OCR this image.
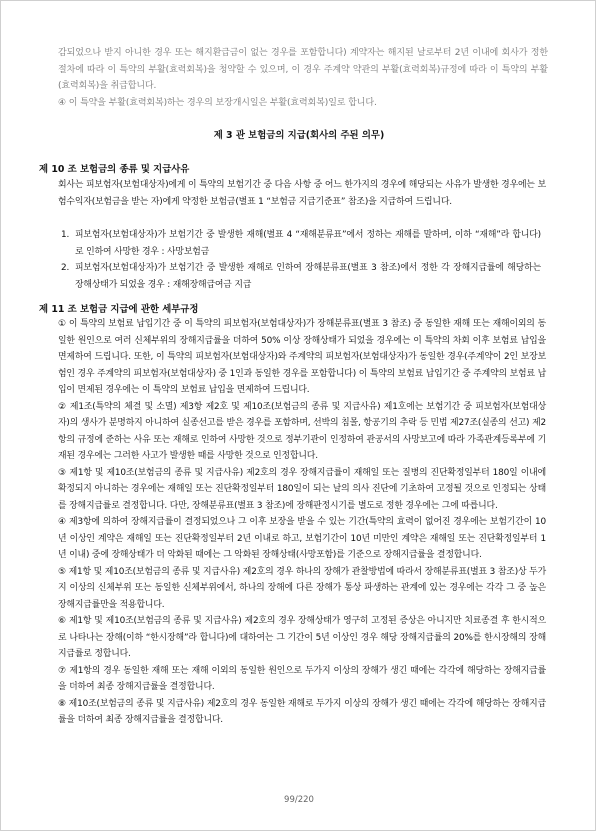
감되었으나 받지 아니한 경우 또는 해지환급금이 없는 경우를 포함합니다) 계약자는 해지된 날로부터 2년 이내에 회사가 정한 절차에 따라 이 특약의 부활(효력회복)을 청약할 수 있으며, 이 경우 주계약 약관의 부활(효력회복)규정에 따라 이 특약의 부활(효력회복)을 취급합니다.

④ 이 특약을 부활(효력회복)하는 경우의 보장개시일은 부활(효력회복)일로 합니다.

제 3 관 보험금의 지급(회사의 주된 의무)
제 10 조 보험금의 종류 및 지급사유

회사는 피보험자(보험대상자)에게 이 특약의 보험기간 중 다음 사항 중 어느 한가지의 경우에 해당되는 사유가 발생한 경우에는 보험수익자(보험금을 받는 자)에게 약정한 보험금(별표 1 “보험금 지급기준표” 참조)을 지급하여 드립니다.

1. 피보험자(보험대상자)가 보험기간 중 발생한 재해(별표 4 “재해분류표”에서 정하는 재해를 말하며, 이하 “재해”라 합니다)로 인하여 사망한 경우 : 사망보험금
2. 피보험자(보험대상자)가 보험기간 중 발생한 재해로 인하여 장해분류표(별표 3 참조)에서 정한 각 장해지급률에 해당하는 장해상태가 되었을 경우 : 재해장해급여금 지급
제 11 조 보험금 지급에 관한 세부규정

① 이 특약의 보험료 납입기간 중 이 특약의 피보험자(보험대상자)가 장해분류표(별표 3 참조) 중 동일한 재해 또는 재해이외의 동일한 원인으로 여러 신체부위의 장해지급률을 더하여 50% 이상 장해상태가 되었을 경우에는 이 특약의 차회 이후 보험료 납입을 면제하여 드립니다. 또한, 이 특약의 피보험자(보험대상자)와 주계약의 피보험자(보험대상자)가 동일한 경우(주계약이 2인 보장보험인 경우 주계약의 피보험자(보험대상자) 중 1인과 동일한 경우를 포함합니다) 이 특약의 보험료 납입기간 중 주계약의 보험료 납입이 면제된 경우에는 이 특약의 보험료 납입을 면제하여 드립니다.

② 제1조(특약의 체결 및 소멸) 제3항 제2호 및 제10조(보험금의 종류 및 지급사유) 제1호에는 보험기간 중 피보험자(보험대상자)의 생사가 분명하지 아니하여 실종선고를 받은 경우를 포함하며, 선박의 침몰, 항공기의 추락 등 민법 제27조(실종의 선고) 제2항의 규정에 준하는 사유 또는 재해로 인하여 사망한 것으로 정부기관이 인정하여 관공서의 사망보고에 따라 가족관계등록부에 기재된 경우에는 그러한 사고가 발생한 때를 사망한 것으로 인정합니다.

③ 제1항 및 제10조(보험금의 종류 및 지급사유) 제2호의 경우 장해지급률이 재해일 또는 질병의 진단확정일부터 180일 이내에 확정되지 아니하는 경우에는 재해일 또는 진단확정일부터 180일이 되는 날의 의사 진단에 기초하여 고정될 것으로 인정되는 상태를 장해지급률로 결정합니다. 다만, 장해분류표(별표 3 참조)에 장해판정시기를 별도로 정한 경우에는 그에 따릅니다.

④ 제3항에 의하여 장해지급률이 결정되었으나 그 이후 보장을 받을 수 있는 기간(특약의 효력이 없어진 경우에는 보험기간이 10년 이상인 계약은 재해일 또는 진단확정일부터 2년 이내로 하고, 보험기간이 10년 미만인 계약은 재해일 또는 진단확정일부터 1년 이내) 중에 장해상태가 더 악화된 때에는 그 악화된 장해상태(사망포함)를 기준으로 장해지급률을 결정합니다.

⑤ 제1항 및 제10조(보험금의 종류 및 지급사유) 제2호의 경우 하나의 장해가 관찰방법에 따라서 장해분류표(별표 3 참조)상 두가지 이상의 신체부위 또는 동일한 신체부위에서, 하나의 장해에 다른 장해가 통상 파생하는 관계에 있는 경우에는 각각 그 중 높은 장해지급률만을 적용합니다.

⑥ 제1항 및 제10조(보험금의 종류 및 지급사유) 제2호의 경우 장해상태가 영구히 고정된 증상은 아니지만 치료종결 후 한시적으로 나타나는 장해(이하 “한시장해”라 합니다)에 대하여는 그 기간이 5년 이상인 경우 해당 장해지급률의 20%를 한시장해의 장해지급률로 정합니다.

⑦ 제1항의 경우 동일한 재해 또는 재해 이외의 동일한 원인으로 두가지 이상의 장해가 생긴 때에는 각각에 해당하는 장해지급률을 더하여 최종 장해지급률을 결정합니다.

⑧ 제10조(보험금의 종류 및 지급사유) 제2호의 경우 동일한 재해로 두가지 이상의 장해가 생긴 때에는 각각에 해당하는 장해지급률을 더하여 최종 장해지급률을 결정합니다.

99/220
